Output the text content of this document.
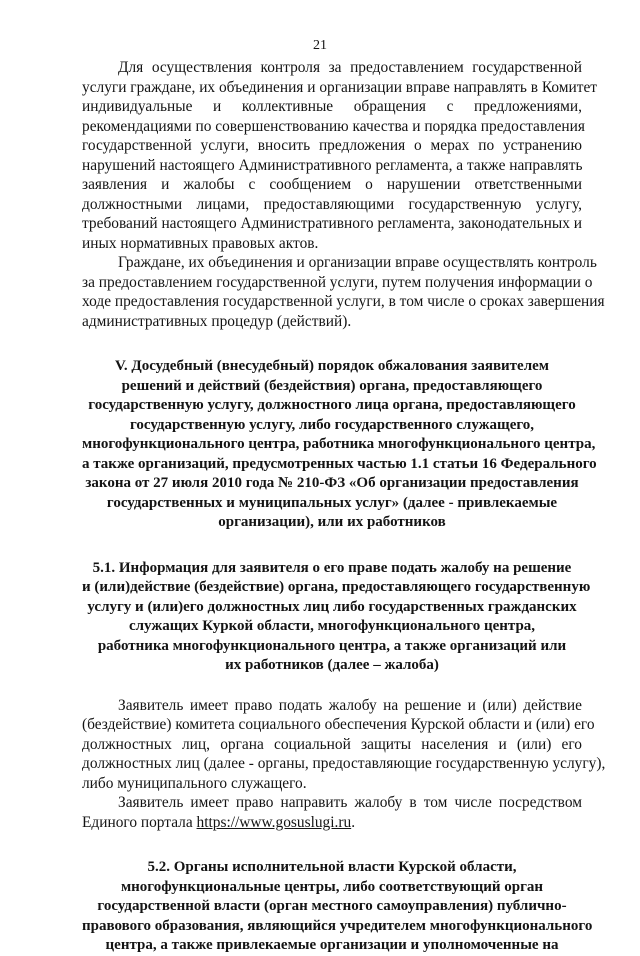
21
Для осуществления контроля за предоставлением государственной
услуги граждане, их объединения и организации вправе направлять в Комитет
индивидуальные и коллективные обращения с предложениями,
рекомендациями по совершенствованию качества и порядка предоставления
государственной услуги, вносить предложения о мерах по устранению
нарушений настоящего Административного регламента, а также направлять
заявления и жалобы с сообщением о нарушении ответственными
должностными лицами, предоставляющими государственную услугу,
требований настоящего Административного регламента, законодательных и
иных нормативных правовых актов.
Граждане, их объединения и организации вправе осуществлять контроль
за предоставлением государственной услуги, путем получения информации о
ходе предоставления государственной услуги, в том числе о сроках завершения
административных процедур (действий).
V. Досудебный (внесудебный) порядок обжалования заявителем
решений и действий (бездействия) органа, предоставляющего
государственную услугу, должностного лица органа, предоставляющего
государственную услугу, либо государственного служащего,
многофункционального центра, работника многофункционального центра,
а также организаций, предусмотренных частью 1.1 статьи 16 Федерального
закона от 27 июля 2010 года № 210-ФЗ «Об организации предоставления
государственных и муниципальных услуг» (далее - привлекаемые
организации), или их работников
5.1. Информация для заявителя о его праве подать жалобу на решение
и (или)действие (бездействие) органа, предоставляющего государственную
услугу и (или)его должностных лиц либо государственных гражданских
служащих Куркой области, многофункционального центра,
работника многофункционального центра, а также организаций или
их работников (далее – жалоба)
Заявитель имеет право подать жалобу на решение и (или) действие
(бездействие) комитета социального обеспечения Курской области и (или) его
должностных лиц, органа социальной защиты населения и (или) его
должностных лиц (далее - органы, предоставляющие государственную услугу),
либо муниципального служащего.
Заявитель имеет право направить жалобу в том числе посредством
Единого портала https://www.gosuslugi.ru.
5.2. Органы исполнительной власти Курской области,
многофункциональные центры, либо соответствующий орган
государственной власти (орган местного самоуправления) публично-
правового образования, являющийся учредителем многофункционального
центра, а также привлекаемые организации и уполномоченные на
